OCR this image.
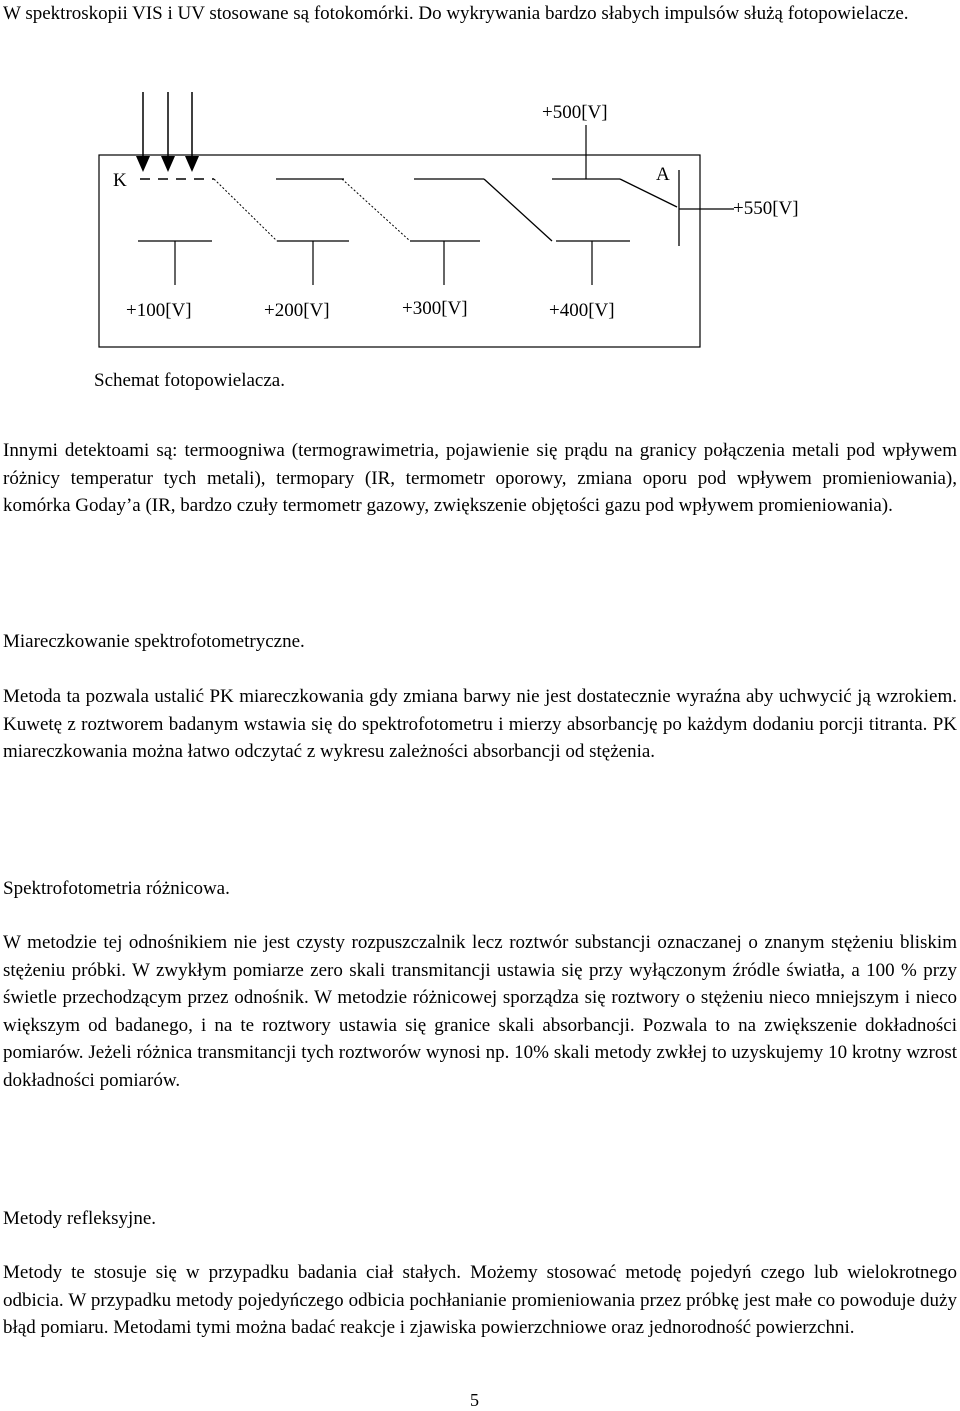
W spektroskopii VIS i UV stosowane są fotokomórki. Do wykrywania bardzo słabych impulsów służą fotopowielacze.

K	A
+500[V]
+550[V]
+100[V]	+200[V]	+300[V]	+400[V]

Schemat fotopowielacza.

Innymi detektoami są: termoogniwa (termograwimetria, pojawienie się prądu na granicy połączenia metali pod wpływem różnicy temperatur tych metali), termopary (IR, termometr oporowy, zmiana oporu pod wpływem promieniowania), komórka Goday’a (IR, bardzo czuły termometr gazowy, zwiększenie objętości gazu pod wpływem promieniowania).

Miareczkowanie spektrofotometryczne.

Metoda ta pozwala ustalić PK miareczkowania gdy zmiana barwy nie jest dostatecznie wyraźna aby uchwycić ją wzrokiem. Kuwetę z roztworem badanym wstawia się do spektrofotometru i mierzy absorbancję po każdym dodaniu porcji titranta. PK miareczkowania można łatwo odczytać z wykresu zależności absorbancji od stężenia.

Spektrofotometria różnicowa.

W metodzie tej odnośnikiem nie jest czysty rozpuszczalnik lecz roztwór substancji oznaczanej o znanym stężeniu bliskim stężeniu próbki. W zwykłym pomiarze zero skali transmitancji ustawia się przy wyłączonym źródle światła, a 100 % przy świetle przechodzącym przez odnośnik. W metodzie różnicowej sporządza się roztwory o stężeniu nieco mniejszym i nieco większym od badanego, i na te roztwory ustawia się granice skali absorbancji. Pozwala to na zwiększenie dokładności pomiarów. Jeżeli różnica transmitancji tych roztworów wynosi np. 10% skali metody zwkłej to uzyskujemy 10 krotny wzrost dokładności pomiarów.

Metody refleksyjne.

Metody te stosuje się w przypadku badania ciał stałych. Możemy stosować metodę pojedyń czego lub wielokrotnego odbicia. W przypadku metody pojedyńczego odbicia pochłanianie promieniowania przez próbkę jest małe co powoduje duży błąd pomiaru. Metodami tymi można badać reakcje i zjawiska powierzchniowe oraz jednorodność powierzchni.

5
